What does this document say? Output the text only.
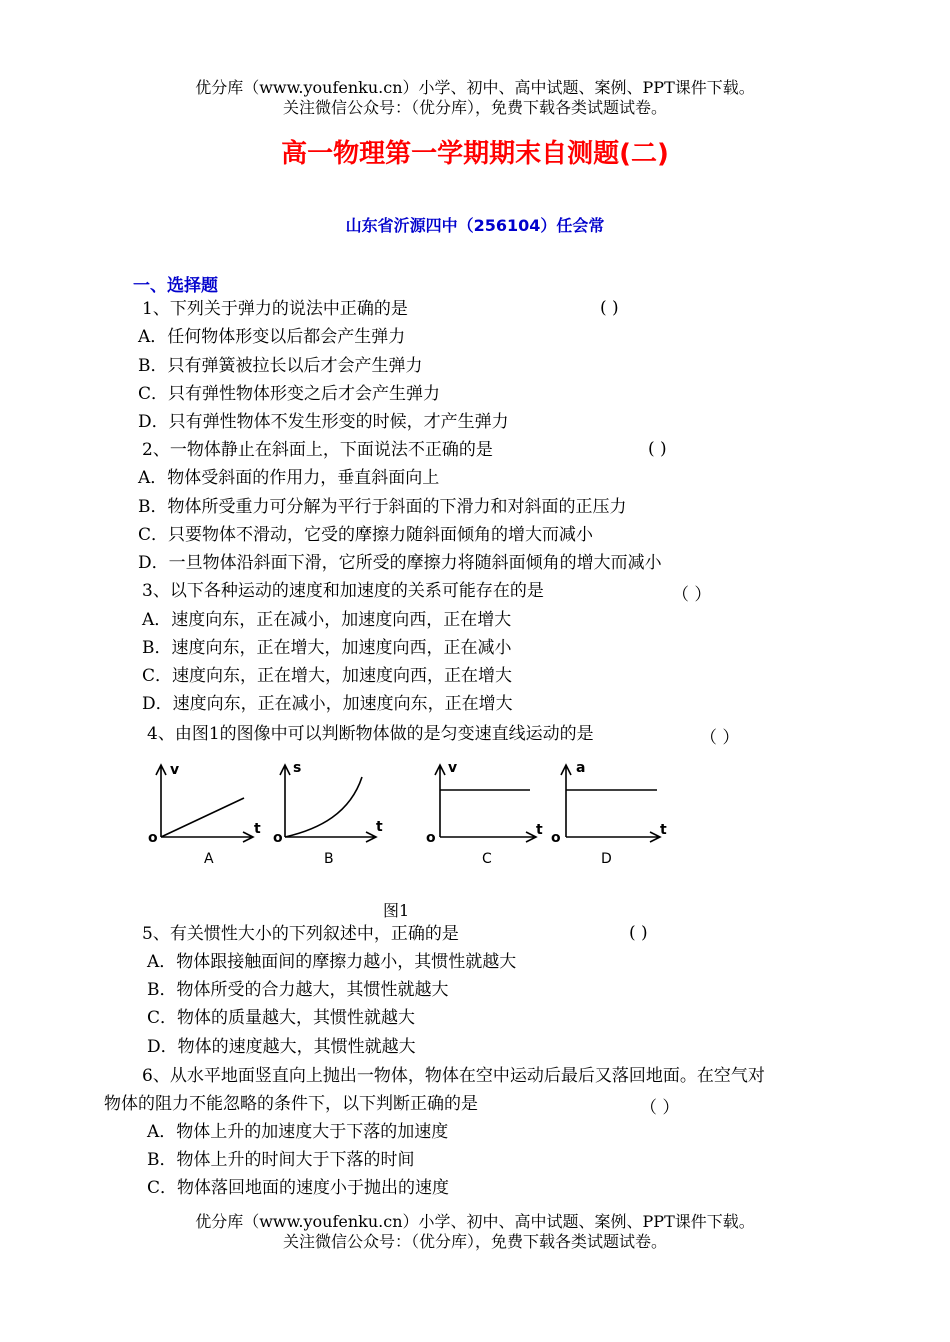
优分库（www.youfenku.cn）小学、初中、高中试题、案例、PPT课件下载。
关注微信公众号：（优分库），免费下载各类试题试卷。
高一物理第一学期期末自测题(二)
山东省沂源四中（256104）任会常
一、选择题
1、下列关于弹力的说法中正确的是	( )
A．任何物体形变以后都会产生弹力
B．只有弹簧被拉长以后才会产生弹力
C．只有弹性物体形变之后才会产生弹力
D．只有弹性物体不发生形变的时候，才产生弹力
2、一物体静止在斜面上，下面说法不正确的是	( )
A．物体受斜面的作用力，垂直斜面向上
B．物体所受重力可分解为平行于斜面的下滑力和对斜面的正压力
C．只要物体不滑动，它受的摩擦力随斜面倾角的增大而减小
D．一旦物体沿斜面下滑，它所受的摩擦力将随斜面倾角的增大而减小
3、以下各种运动的速度和加速度的关系可能存在的是	（ ）
A．速度向东，正在减小，加速度向西，正在增大
B．速度向东，正在增大，加速度向西，正在减小
C．速度向东，正在增大，加速度向西，正在增大
D．速度向东，正在减小，加速度向东，正在增大
4、由图1的图像中可以判断物体做的是匀变速直线运动的是	（ ）
v
t
o
A
s
t
o
B
v
t
o
C
a
t
o
D
图1
5、有关惯性大小的下列叙述中，正确的是	( )
A．物体跟接触面间的摩擦力越小，其惯性就越大
B．物体所受的合力越大，其惯性就越大
C．物体的质量越大，其惯性就越大
D．物体的速度越大，其惯性就越大
6、从水平地面竖直向上抛出一物体，物体在空中运动后最后又落回地面。在空气对
物体的阻力不能忽略的条件下，以下判断正确的是	（ ）
A．物体上升的加速度大于下落的加速度
B．物体上升的时间大于下落的时间
C．物体落回地面的速度小于抛出的速度
优分库（www.youfenku.cn）小学、初中、高中试题、案例、PPT课件下载。
关注微信公众号：（优分库），免费下载各类试题试卷。
